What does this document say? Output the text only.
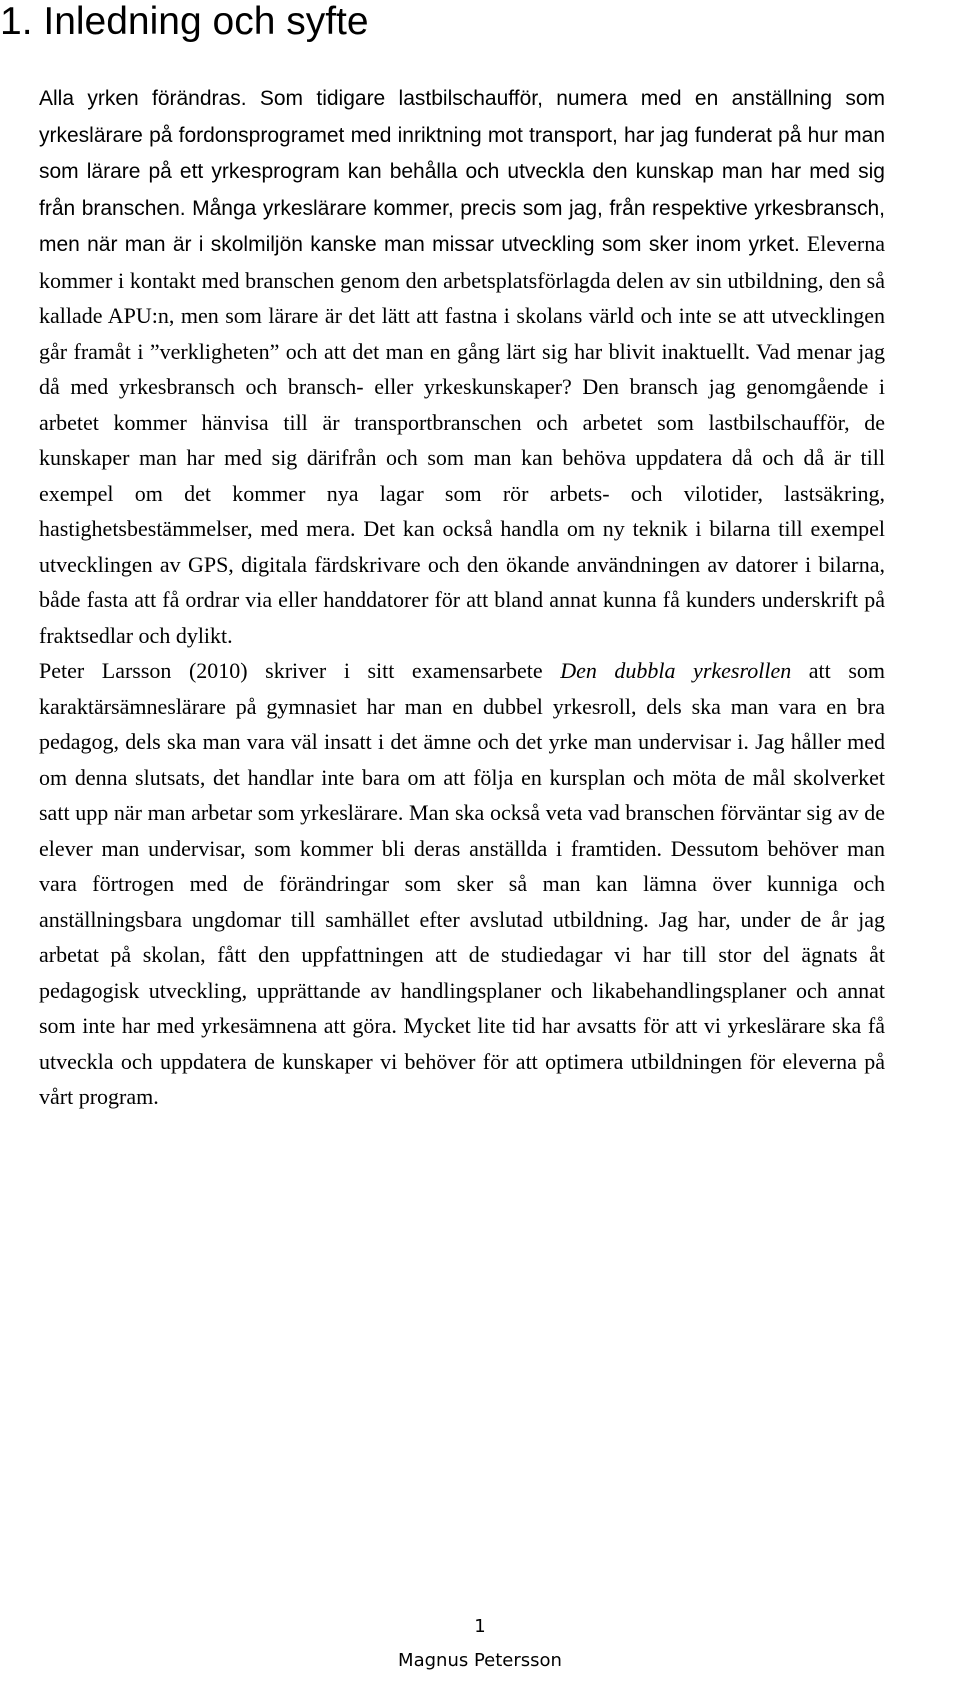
1. Inledning och syfte

Alla yrken förändras. Som tidigare lastbilschaufför, numera med en anställning som yrkeslärare på fordonsprogramet med inriktning mot transport, har jag funderat på hur man som lärare på ett yrkesprogram kan behålla och utveckla den kunskap man har med sig från branschen. Många yrkeslärare kommer, precis som jag, från respektive yrkesbransch, men när man är i skolmiljön kanske man missar utveckling som sker inom yrket. Eleverna kommer i kontakt med branschen genom den arbetsplatsförlagda delen av sin utbildning, den så kallade APU:n, men som lärare är det lätt att fastna i skolans värld och inte se att utvecklingen går framåt i ”verkligheten” och att det man en gång lärt sig har blivit inaktuellt. Vad menar jag då med yrkesbransch och bransch- eller yrkeskunskaper? Den bransch jag genomgående i arbetet kommer hänvisa till är transportbranschen och arbetet som lastbilschaufför, de kunskaper man har med sig därifrån och som man kan behöva uppdatera då och då är till exempel om det kommer nya lagar som rör arbets- och vilotider, lastsäkring, hastighetsbestämmelser, med mera. Det kan också handla om ny teknik i bilarna till exempel utvecklingen av GPS, digitala färdskrivare och den ökande användningen av datorer i bilarna, både fasta att få ordrar via eller handdatorer för att bland annat kunna få kunders underskrift på fraktsedlar och dylikt.

Peter Larsson (2010) skriver i sitt examensarbete Den dubbla yrkesrollen att som karaktärsämneslärare på gymnasiet har man en dubbel yrkesroll, dels ska man vara en bra pedagog, dels ska man vara väl insatt i det ämne och det yrke man undervisar i. Jag håller med om denna slutsats, det handlar inte bara om att följa en kursplan och möta de mål skolverket satt upp när man arbetar som yrkeslärare. Man ska också veta vad branschen förväntar sig av de elever man undervisar, som kommer bli deras anställda i framtiden. Dessutom behöver man vara förtrogen med de förändringar som sker så man kan lämna över kunniga och anställningsbara ungdomar till samhället efter avslutad utbildning. Jag har, under de år jag arbetat på skolan, fått den uppfattningen att de studiedagar vi har till stor del ägnats åt pedagogisk utveckling, upprättande av handlingsplaner och likabehandlingsplaner och annat som inte har med yrkesämnena att göra. Mycket lite tid har avsatts för att vi yrkeslärare ska få utveckla och uppdatera de kunskaper vi behöver för att optimera utbildningen för eleverna på vårt program.

1
Magnus Petersson
